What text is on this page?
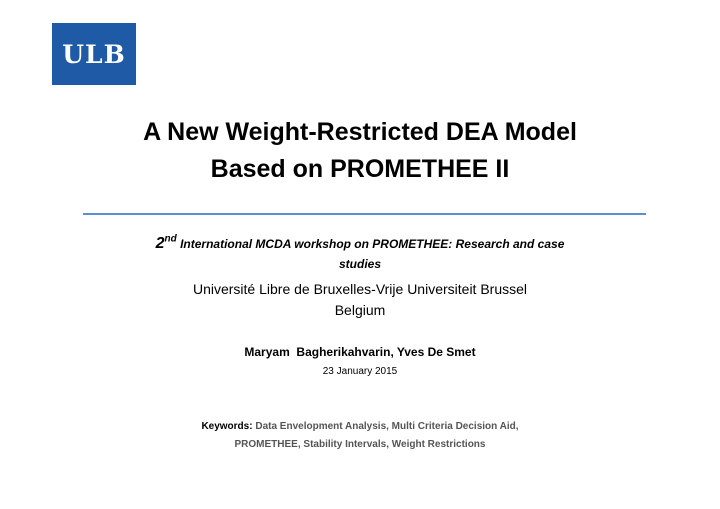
ULB
A New Weight-Restricted DEA Model
Based on PROMETHEE II
2nd International MCDA workshop on PROMETHEE: Research and case
studies
Université Libre de Bruxelles-Vrije Universiteit Brussel
Belgium
Maryam  Bagherikahvarin, Yves De Smet
23 January 2015
Keywords: Data Envelopment Analysis, Multi Criteria Decision Aid,
PROMETHEE, Stability Intervals, Weight Restrictions
